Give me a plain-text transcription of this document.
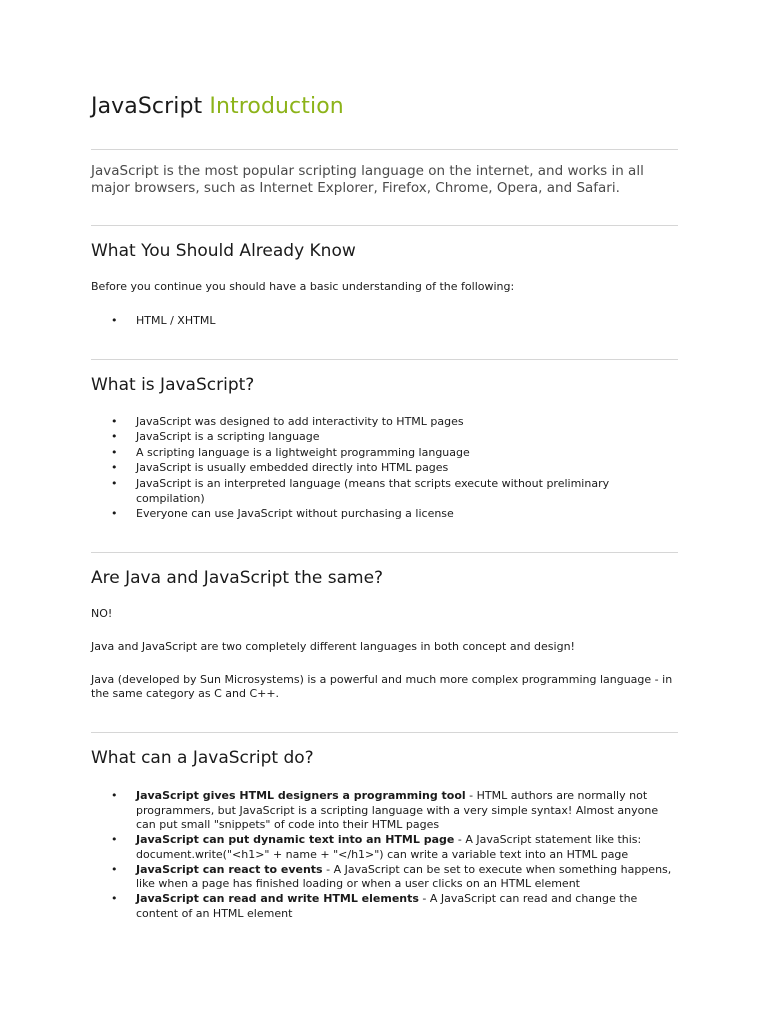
JavaScript Introduction

JavaScript is the most popular scripting language on the internet, and works in all major browsers, such as Internet Explorer, Firefox, Chrome, Opera, and Safari.

What You Should Already Know

Before you continue you should have a basic understanding of the following:

• HTML / XHTML
What is JavaScript?
• JavaScript was designed to add interactivity to HTML pages
• JavaScript is a scripting language
• A scripting language is a lightweight programming language
• JavaScript is usually embedded directly into HTML pages
• JavaScript is an interpreted language (means that scripts execute without preliminary compilation)
• Everyone can use JavaScript without purchasing a license
Are Java and JavaScript the same?

NO!

Java and JavaScript are two completely different languages in both concept and design!

Java (developed by Sun Microsystems) is a powerful and much more complex programming language - in the same category as C and C++.

What can a JavaScript do?
• JavaScript gives HTML designers a programming tool - HTML authors are normally not programmers, but JavaScript is a scripting language with a very simple syntax! Almost anyone can put small "snippets" of code into their HTML pages
• JavaScript can put dynamic text into an HTML page - A JavaScript statement like this: document.write("<h1>" + name + "</h1>") can write a variable text into an HTML page
• JavaScript can react to events - A JavaScript can be set to execute when something happens, like when a page has finished loading or when a user clicks on an HTML element
• JavaScript can read and write HTML elements - A JavaScript can read and change the content of an HTML element
